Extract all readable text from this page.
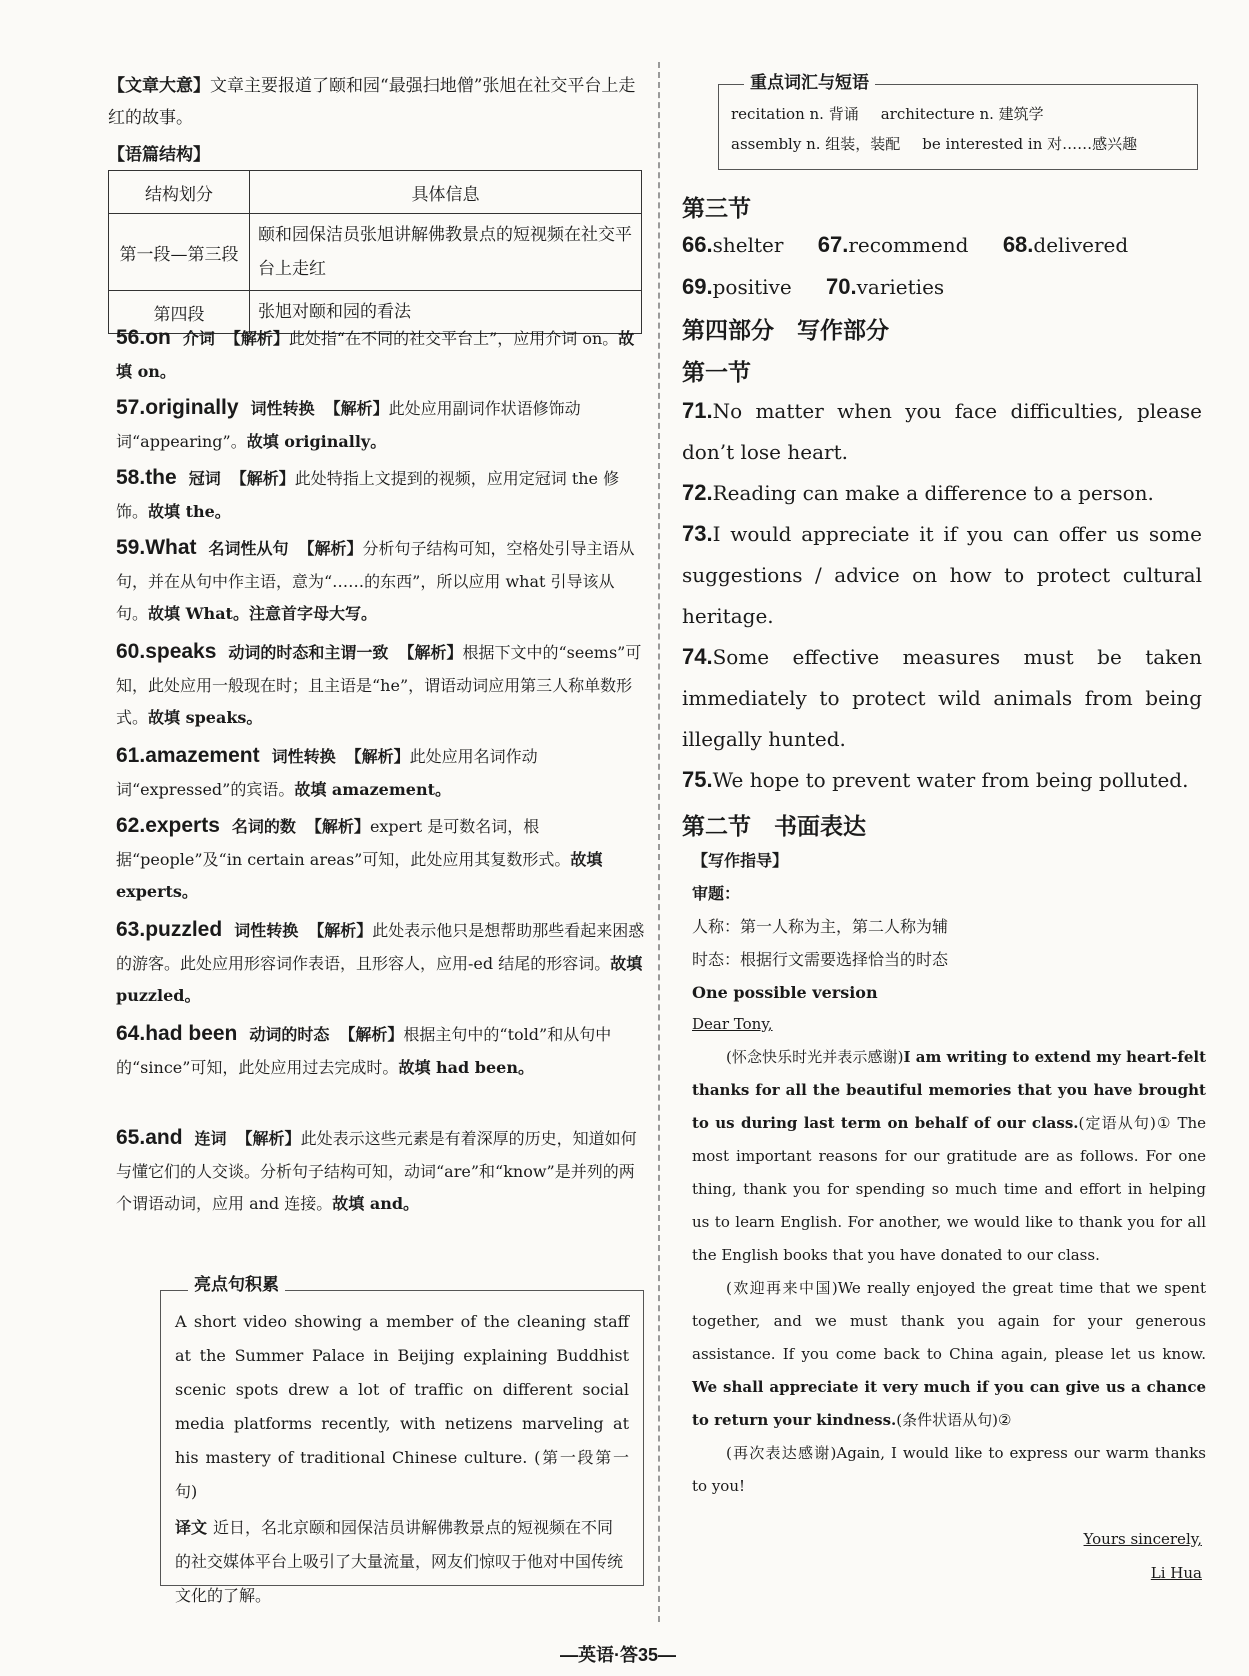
【文章大意】文章主要报道了颐和园“最强扫地僧”张旭在社交平台上走红的故事。
【语篇结构】
结构划分	具体信息
第一段—第三段	颐和园保洁员张旭讲解佛教景点的短视频在社交平台上走红
第四段	张旭对颐和园的看法
56.on 介词 【解析】此处指“在不同的社交平台上”，应用介词 on。故填 on。
57.originally 词性转换 【解析】此处应用副词作状语修饰动词“appearing”。故填 originally。
58.the 冠词 【解析】此处特指上文提到的视频，应用定冠词 the 修饰。故填 the。
59.What 名词性从句 【解析】分析句子结构可知，空格处引导主语从句，并在从句中作主语，意为“……的东西”，所以应用 what 引导该从句。故填 What。注意首字母大写。
60.speaks 动词的时态和主谓一致 【解析】根据下文中的“seems”可知，此处应用一般现在时；且主语是“he”，谓语动词应用第三人称单数形式。故填 speaks。
61.amazement 词性转换 【解析】此处应用名词作动词“expressed”的宾语。故填 amazement。
62.experts 名词的数 【解析】expert 是可数名词，根据“people”及“in certain areas”可知，此处应用其复数形式。故填 experts。
63.puzzled 词性转换 【解析】此处表示他只是想帮助那些看起来困惑的游客。此处应用形容词作表语，且形容人，应用-ed 结尾的形容词。故填 puzzled。
64.had been 动词的时态 【解析】根据主句中的“told”和从句中的“since”可知，此处应用过去完成时。故填 had been。
65.and 连词 【解析】此处表示这些元素是有着深厚的历史，知道如何与懂它们的人交谈。分析句子结构可知，动词“are”和“know”是并列的两个谓语动词，应用 and 连接。故填 and。
A short video showing a member of the cleaning staff at the Summer Palace in Beijing explaining Buddhist scenic spots drew a lot of traffic on different social media platforms recently, with netizens marveling at his mastery of traditional Chinese culture. (第一段第一句)
译文 近日，名北京颐和园保洁员讲解佛教景点的短视频在不同的社交媒体平台上吸引了大量流量，网友们惊叹于他对中国传统文化的了解。
亮点句积累
recitation n. 背诵 architecture n. 建筑学
assembly n. 组装，装配 be interested in 对……感兴趣
重点词汇与短语
第三节
66.shelter 67.recommend 68.delivered
69.positive 70.varieties
第四部分　写作部分
第一节
71.No matter when you face difficulties, please don’t lose heart.
72.Reading can make a difference to a person.
73.I would appreciate it if you can offer us some suggestions / advice on how to protect cultural heritage.
74.Some effective measures must be taken immediately to protect wild animals from being illegally hunted.
75.We hope to prevent water from being polluted.
第二节　书面表达
【写作指导】
审题：
人称：第一人称为主，第二人称为辅
时态：根据行文需要选择恰当的时态
One possible version
Dear Tony,

(怀念快乐时光并表示感谢)I am writing to extend my heart-felt thanks for all the beautiful memories that you have brought to us during last term on behalf of our class.(定语从句)① The most important reasons for our gratitude are as follows. For one thing, thank you for spending so much time and effort in helping us to learn English. For another, we would like to thank you for all the English books that you have donated to our class.

(欢迎再来中国)We really enjoyed the great time that we spent together, and we must thank you again for your generous assistance. If you come back to China again, please let us know. We shall appreciate it very much if you can give us a chance to return your kindness.(条件状语从句)②

(再次表达感谢)Again, I would like to express our warm thanks to you!

Yours sincerely,
Li Hua
—英语·答35—
